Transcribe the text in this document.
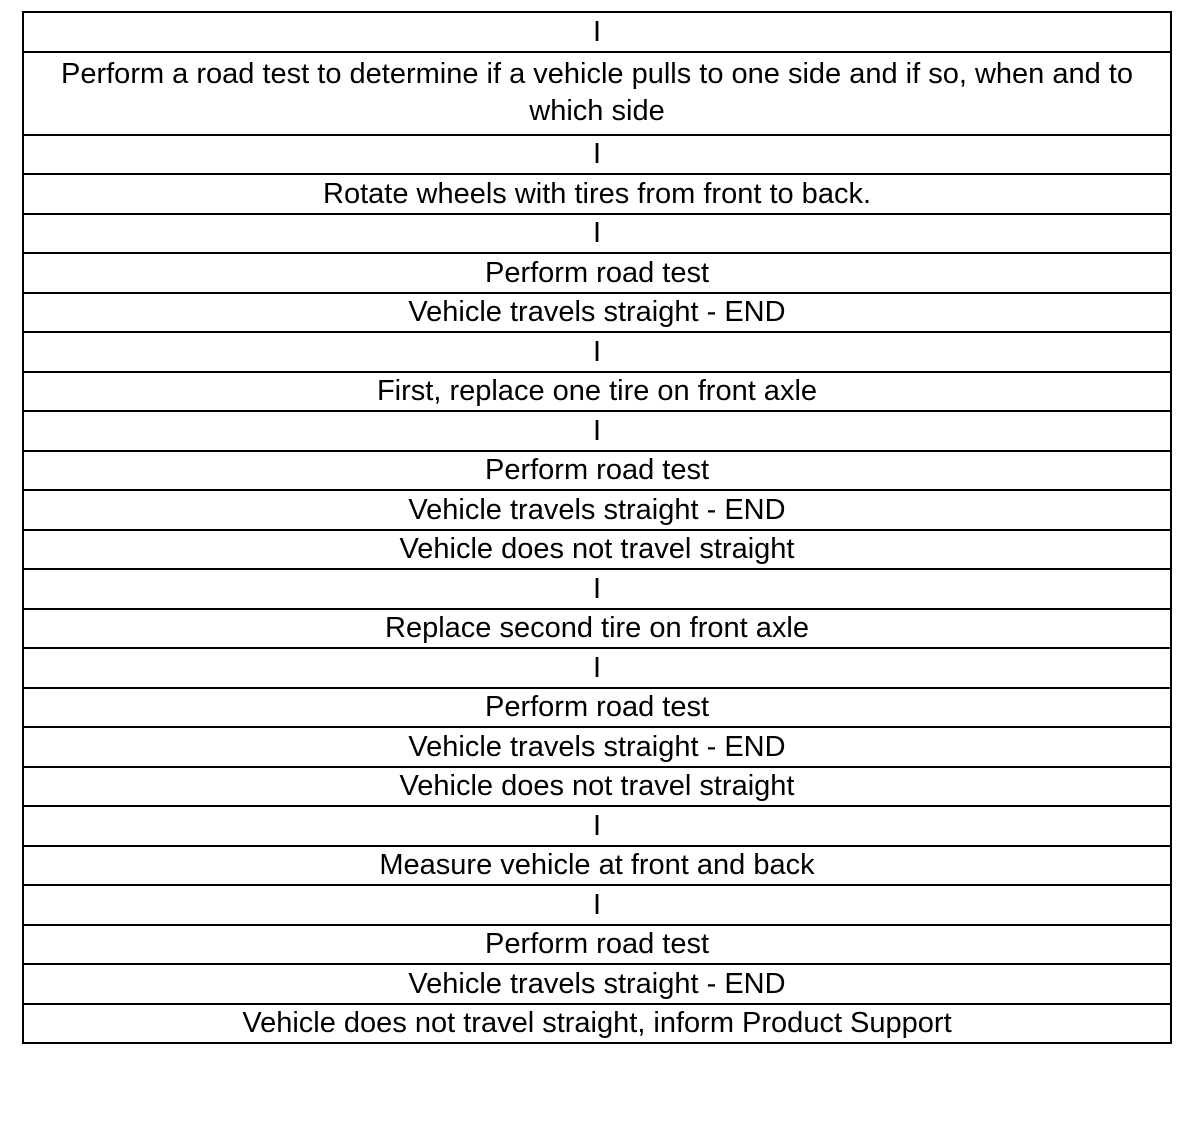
I
Perform a road test to determine if a vehicle pulls to one side and if so, when and to which side
I
Rotate wheels with tires from front to back.
I
Perform road test
Vehicle travels straight - END
I
First, replace one tire on front axle
I
Perform road test
Vehicle travels straight - END
Vehicle does not travel straight
I
Replace second tire on front axle
I
Perform road test
Vehicle travels straight - END
Vehicle does not travel straight
I
Measure vehicle at front and back
I
Perform road test
Vehicle travels straight - END
Vehicle does not travel straight, inform Product Support
